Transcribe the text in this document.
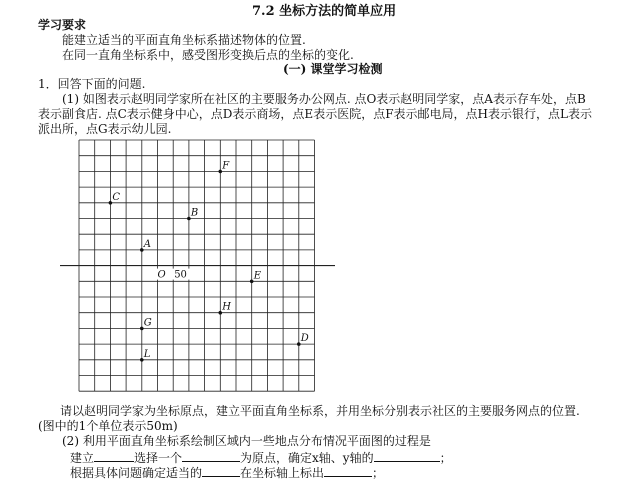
7.2 坐标方法的简单应用
学习要求
能建立适当的平面直角坐标系描述物体的位置.
在同一直角坐标系中，感受图形变换后点的坐标的变化.
(一) 课堂学习检测
1．回答下面的问题.
(1) 如图表示赵明同学家所在社区的主要服务办公网点. 点O表示赵明同学家，点A表示存车处，点B
表示副食店. 点C表示健身中心，点D表示商场，点E表示医院，点F表示邮电局，点H表示银行，点L表示
派出所，点G表示幼儿园.
O 50
C
B
A
E
H
G
D
L
F
请以赵明同学家为坐标原点，建立平面直角坐标系，并用坐标分别表示社区的主要服务网点的位置.
(图中的1个单位表示50m)
(2) 利用平面直角坐标系绘制区域内一些地点分布情况平面图的过程是
建立	选择一个	为原点，确定x轴、y轴的	；
根据具体问题确定适当的	在坐标轴上标出	；
